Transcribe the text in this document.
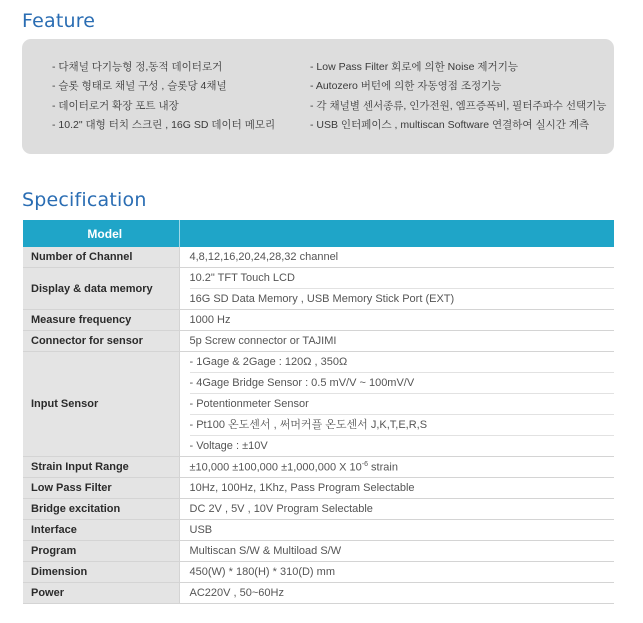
Feature
- 다채널 다기능형 정,동적 데이터로거
- 슬롯 형태로 채널 구성 , 슬롯당 4채널
- 데이터로거 확장 포트 내장
- 10.2" 대형 터치 스크린 , 16G SD 데이터 메모리
- Low Pass Filter 회로에 의한 Noise 제거기능
- Autozero 버턴에 의한 자동영점 조정기능
- 각 채널별 센서종류, 인가전원, 엠프증폭비, 필터주파수 선택기능
- USB 인터페이스 , multiscan Software 연결하여 실시간 계측
Specification
Model	
Number of Channel	4,8,12,16,20,24,28,32 channel
Display & data memory	10.2" TFT Touch LCD
16G SD Data Memory , USB Memory Stick Port (EXT)

Measure frequency	1000 Hz
Connector for sensor	5p Screw connector or TAJIMI
Input Sensor	- 1Gage & 2Gage : 120Ω , 350Ω
- 4Gage Bridge Sensor : 0.5 mV/V ~ 100mV/V
- Potentionmeter Sensor
- Pt100 온도센서 , 써머커플 온도센서 J,K,T,E,R,S
- Voltage : ±10V

Strain Input Range	±10,000 ±100,000 ±1,000,000 X $10^{-6}$ strain
Low Pass Filter	10Hz, 100Hz, 1Khz, Pass Program Selectable
Bridge excitation	DC 2V , 5V , 10V Program Selectable
Interface	USB
Program	Multiscan S/W & Multiload S/W
Dimension	450(W) * 180(H) * 310(D) mm
Power	AC220V , 50~60Hz
